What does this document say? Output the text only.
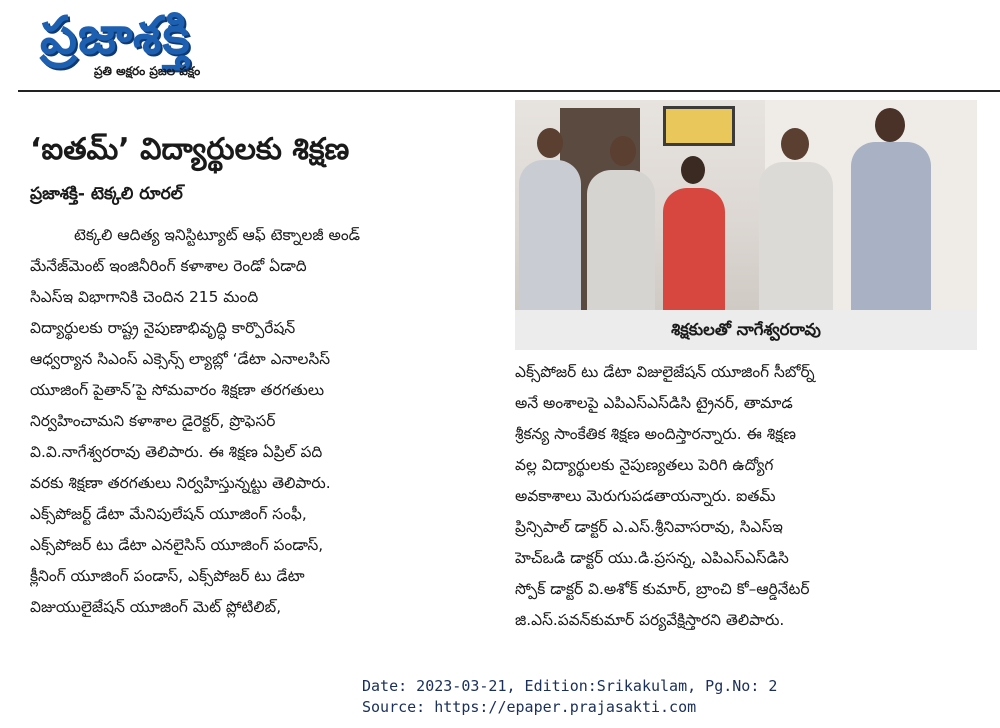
ప్రజాశక్తి
ప్రతి అక్షరం ప్రజల పక్షం
‘ఐతమ్‌’ విద్యార్థులకు శిక్షణ
ప్రజాశక్తి- టెక్కలి రూరల్‌
టెక్కలి ఆదిత్య ఇనిస్టిట్యూట్‌ ఆఫ్‌ టెక్నాలజీ అండ్‌
మేనేజ్‌మెంట్‌ ఇంజినీరింగ్‌ కళాశాల రెండో ఏడాది
సిఎస్‌ఇ విభాగానికి చెందిన 215 మంది
విద్యార్థులకు రాష్ట్ర నైపుణాభివృద్ధి కార్పొరేషన్‌
ఆధ్వర్యాన సిఎంస్‌ ఎక్సెన్స్‌ ల్యాబ్లో ‘డేటా ఎనాలసిస్‌
యూజింగ్‌ పైతాన్‌’పై సోమవారం శిక్షణా తరగతులు
నిర్వహించామని కళాశాల డైరెక్టర్‌, ప్రొఫెసర్‌
వి.వి.నాగేశ్వరరావు తెలిపారు. ఈ శిక్షణ ఏప్రిల్‌ పది
వరకు శిక్షణా తరగతులు నిర్వహిస్తున్నట్టు తెలిపారు.
ఎక్స్‌పోజర్ట్‌ డేటా మేనిపులేషన్‌ యూజింగ్‌ సంఫీ,
ఎక్స్‌పోజర్‌ టు డేటా ఎనలైసిస్‌ యూజింగ్‌ పండాస్‌,
క్లీనింగ్‌ యూజింగ్‌ పండాస్‌, ఎక్స్‌పోజర్‌ టు డేటా
విజుయులైజేషన్‌ యూజింగ్‌ మెట్‌ ప్లోటిలిబ్‌,
శిక్షకులతో నాగేశ్వరరావు
ఎక్స్‌పోజర్‌ టు డేటా విజులైజేషన్‌ యూజింగ్‌ సీబోర్న్‌
అనే అంశాలపై ఎపిఎస్‌ఎస్‌డిసి ట్రైనర్‌, తామాడ
శ్రీకన్య సాంకేతిక శిక్షణ అందిస్తారన్నారు. ఈ శిక్షణ
వల్ల విద్యార్థులకు నైపుణ్యతలు పెరిగి ఉద్యోగ
అవకాశాలు మెరుగుపడతాయన్నారు. ఐతమ్‌
ప్రిన్సిపాల్‌ డాక్టర్‌ ఎ.ఎస్‌.శ్రీనివాసరావు, సిఎస్‌ఇ
హెచ్‌ఒడి డాక్టర్‌ యు.డి.ప్రసన్న, ఎపిఎస్‌ఎస్‌డిసి
స్పోక్‌ డాక్టర్‌ వి.అశోక్‌ కుమార్‌, బ్రాంచి కో–ఆర్డినేటర్‌
జి.ఎస్‌.పవన్‌కుమార్‌ పర్యవేక్షిస్తారని తెలిపారు.
Date: 2023-03-21, Edition:Srikakulam, Pg.No: 2
Source: https://epaper.prajasakti.com
